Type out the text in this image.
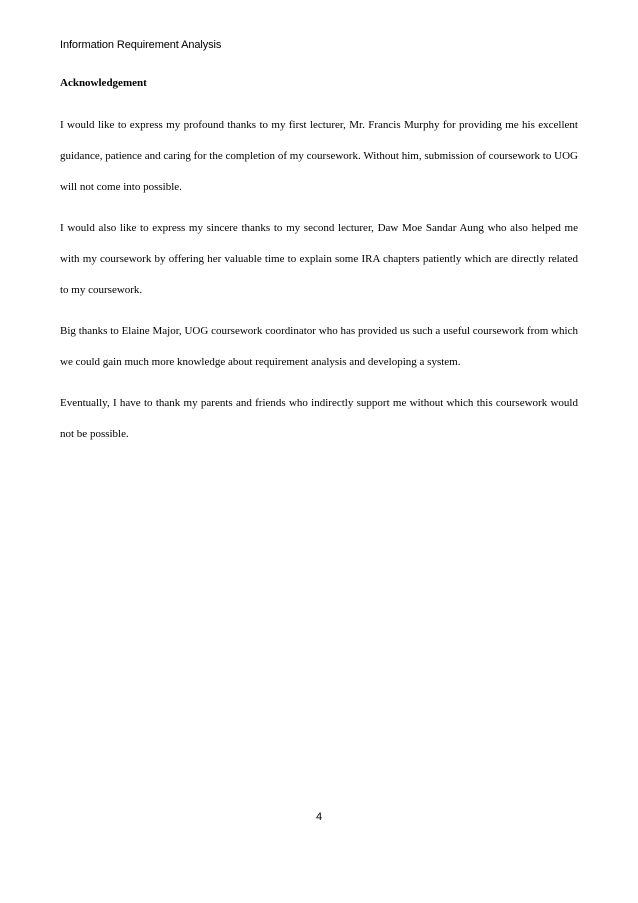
Information Requirement Analysis
Acknowledgement

I would like to express my profound thanks to my first lecturer, Mr. Francis Murphy for providing me his excellent guidance, patience and caring for the completion of my coursework. Without him, submission of coursework to UOG will not come into possible.

I would also like to express my sincere thanks to my second lecturer, Daw Moe Sandar Aung who also helped me with my coursework by offering her valuable time to explain some IRA chapters patiently which are directly related to my coursework.

Big thanks to Elaine Major, UOG coursework coordinator who has provided us such a useful coursework from which we could gain much more knowledge about requirement analysis and developing a system.

Eventually, I have to thank my parents and friends who indirectly support me without which this coursework would not be possible.

4
